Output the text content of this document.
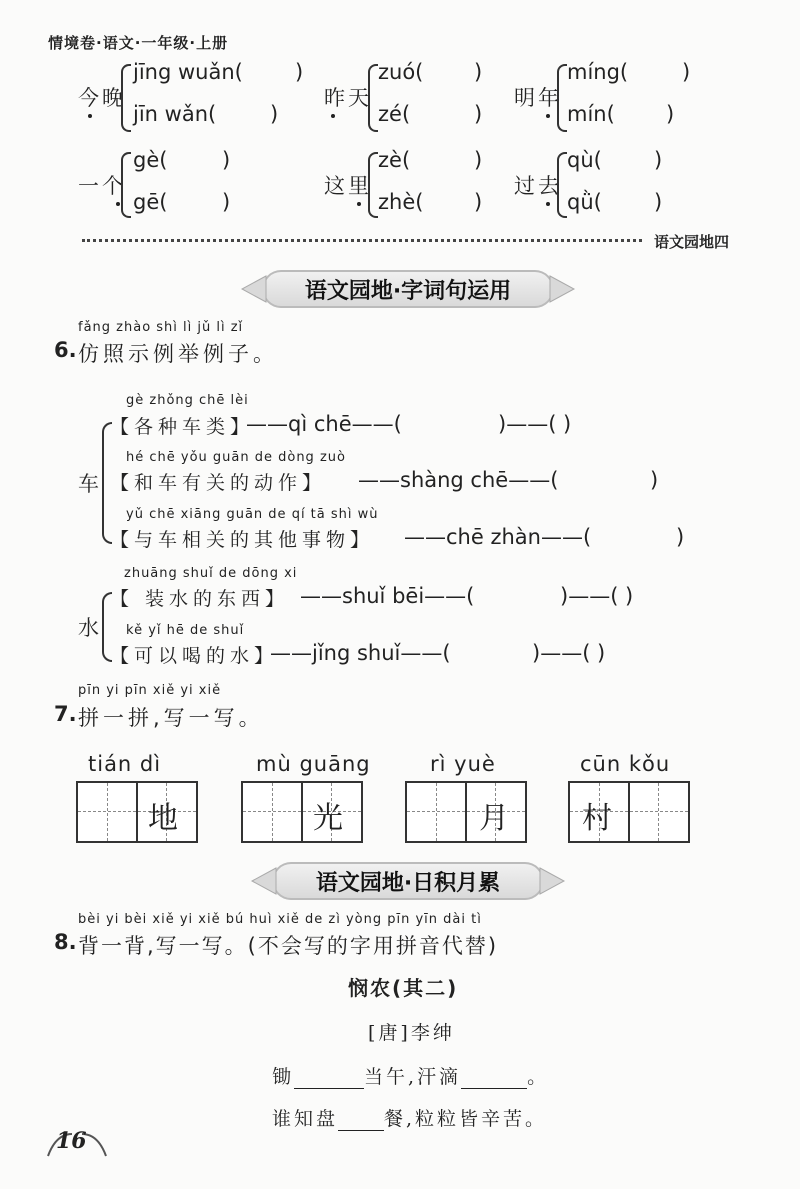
情境卷·语文·一年级·上册
今晚
jīng wuǎn( )
jīn wǎn(	)
昨天
zuó( )
zé(	)
明年
míng(	)
mín( )
一个
gè(	)
gē(	)
这里
zè(	)
zhè( )
过去
qù( )
qǜ( )
语文园地四
语文园地·字词句运用
fǎng zhào shì lì jǔ lì zǐ
6. 仿照示例举例子。
车
gè zhǒng chē lèi
【各种车类】
——qì chē——(	)——( )
hé chē yǒu guān de dòng zuò
【和车有关的动作】 ——shàng chē——(	)
yǔ chē xiāng guān de qí tā shì wù
【与车相关的其他事物】 ——chē zhàn——(	)
水
zhuāng shuǐ de dōng xi
【 装水的东西】 ——shuǐ bēi——(	)——( )
kě yǐ hē de shuǐ
【可以喝的水】
——jǐng shuǐ——(	)——( )
pīn yi pīn xiě yi xiě
7. 拼一拼,写一写。
tián dì
地
mù guāng
光
rì yuè
月
cūn kǒu
村
语文园地·日积月累
bèi yi bèi xiě yi xiě bú huì xiě de zì yòng pīn yīn dài tì
8. 背一背,写一写。(不会写的字用拼音代替)
悯农(其二)
[唐]李绅
锄	当午,汗滴	。
谁知盘 餐,粒粒皆辛苦。
16
